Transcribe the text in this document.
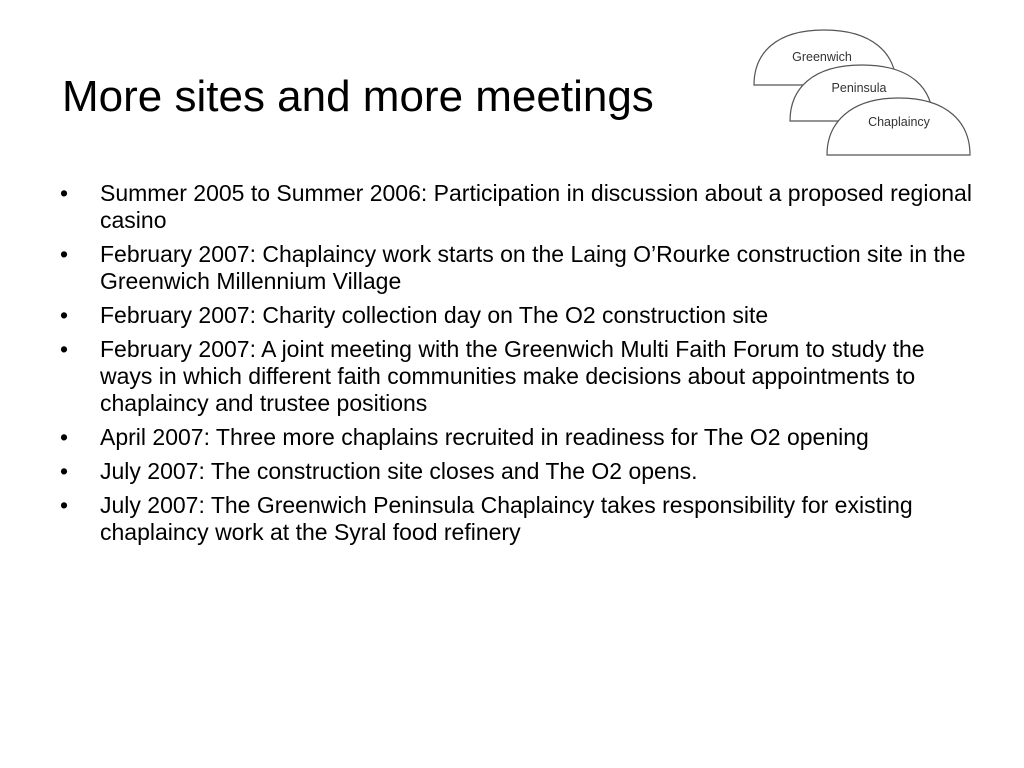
More sites and more meetings
Greenwich
Peninsula
Chaplaincy
• Summer 2005 to Summer 2006: Participation in discussion about a proposed regional casino
• February 2007: Chaplaincy work starts on the Laing O’Rourke construction site in the Greenwich Millennium Village
• February 2007: Charity collection day on The O2 construction site
• February 2007: A joint meeting with the Greenwich Multi Faith Forum to study the ways in which different faith communities make decisions about appointments to chaplaincy and trustee positions
• April 2007: Three more chaplains recruited in readiness for The O2 opening
• July 2007: The construction site closes and The O2 opens.
• July 2007: The Greenwich Peninsula Chaplaincy takes responsibility for existing chaplaincy work at the Syral food refinery
